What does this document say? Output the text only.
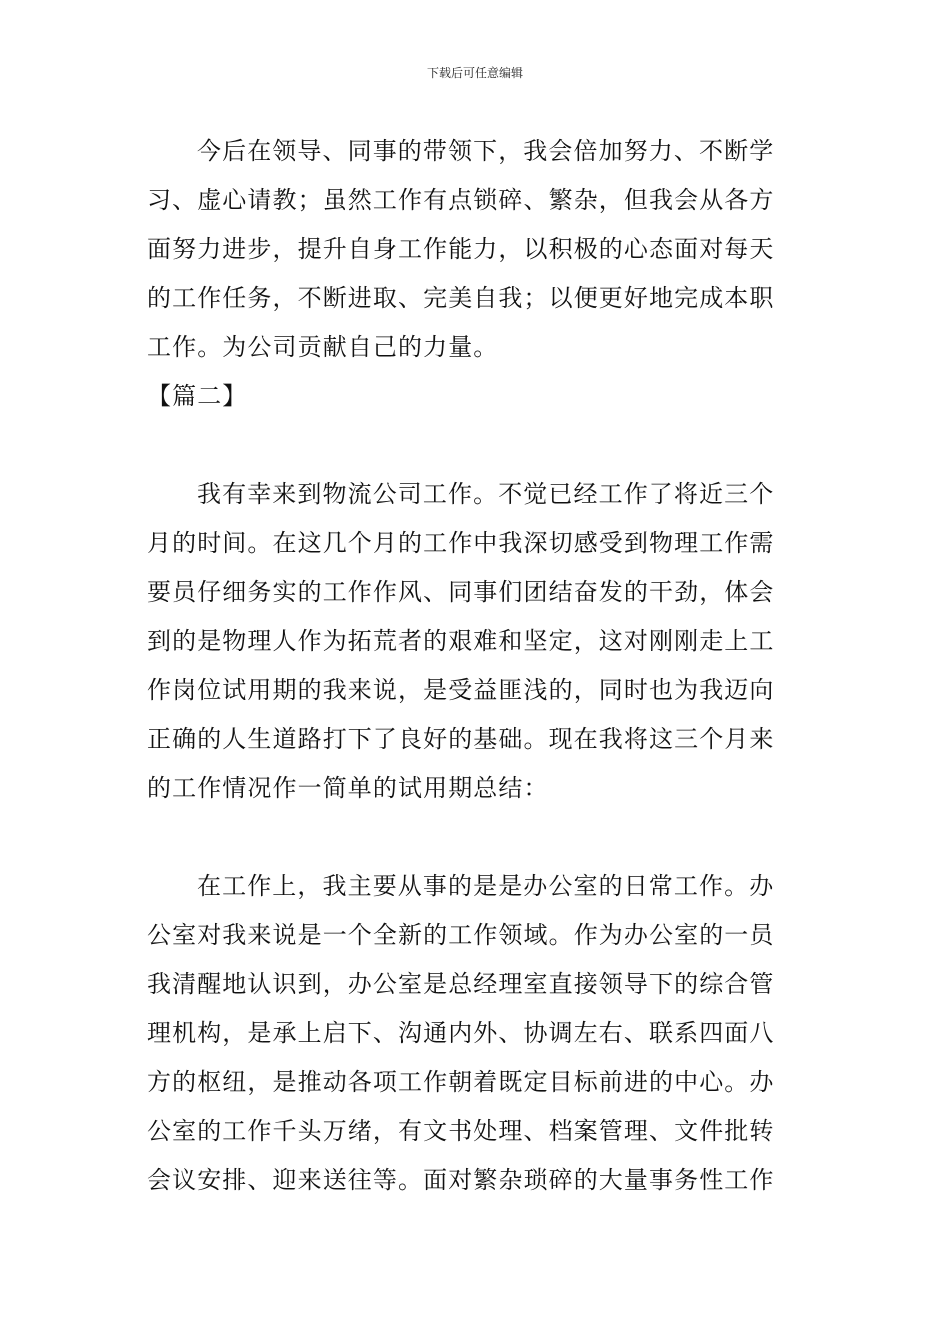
下载后可任意编辑
今后在领导、同事的带领下，我会倍加努力、不断学
习、虚心请教；虽然工作有点锁碎、繁杂，但我会从各方
面努力进步，提升自身工作能力，以积极的心态面对每天
的工作任务，不断进取、完美自我；以便更好地完成本职
工作。为公司贡献自己的力量。
【篇二】
我有幸来到物流公司工作。不觉已经工作了将近三个
月的时间。在这几个月的工作中我深切感受到物理工作需
要员仔细务实的工作作风、同事们团结奋发的干劲，体会
到的是物理人作为拓荒者的艰难和坚定，这对刚刚走上工
作岗位试用期的我来说，是受益匪浅的，同时也为我迈向
正确的人生道路打下了良好的基础。现在我将这三个月来
的工作情况作一简单的试用期总结：
在工作上，我主要从事的是是办公室的日常工作。办
公室对我来说是一个全新的工作领域。作为办公室的一员
我清醒地认识到，办公室是总经理室直接领导下的综合管
理机构，是承上启下、沟通内外、协调左右、联系四面八
方的枢纽，是推动各项工作朝着既定目标前进的中心。办
公室的工作千头万绪，有文书处理、档案管理、文件批转
会议安排、迎来送往等。面对繁杂琐碎的大量事务性工作
